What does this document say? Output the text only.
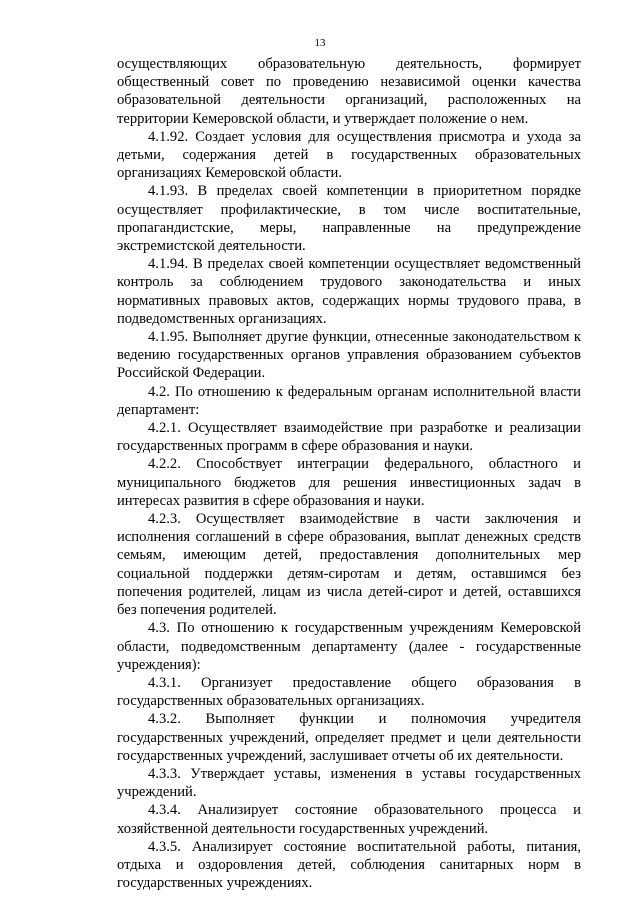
13

осуществляющих образовательную деятельность, формирует общественный совет по проведению независимой оценки качества образовательной деятельности организаций, расположенных на территории Кемеровской области, и утверждает положение о нем.

4.1.92. Создает условия для осуществления присмотра и ухода за детьми, содержания детей в государственных образовательных организациях Кемеровской области.

4.1.93. В пределах своей компетенции в приоритетном порядке осуществляет профилактические, в том числе воспитательные, пропагандистские, меры, направленные на предупреждение экстремистской деятельности.

4.1.94. В пределах своей компетенции осуществляет ведомственный контроль за соблюдением трудового законодательства и иных нормативных правовых актов, содержащих нормы трудового права, в подведомственных организациях.

4.1.95. Выполняет другие функции, отнесенные законодательством к ведению государственных органов управления образованием субъектов Российской Федерации.

4.2. По отношению к федеральным органам исполнительной власти департамент:

4.2.1. Осуществляет взаимодействие при разработке и реализации государственных программ в сфере образования и науки.

4.2.2. Способствует интеграции федерального, областного и муниципального бюджетов для решения инвестиционных задач в интересах развития в сфере образования и науки.

4.2.3. Осуществляет взаимодействие в части заключения и исполнения соглашений в сфере образования, выплат денежных средств семьям, имеющим детей, предоставления дополнительных мер социальной поддержки детям-сиротам и детям, оставшимся без попечения родителей, лицам из числа детей-сирот и детей, оставшихся без попечения родителей.

4.3. По отношению к государственным учреждениям Кемеровской области, подведомственным департаменту (далее - государственные учреждения):

4.3.1. Организует предоставление общего образования в государственных образовательных организациях.

4.3.2. Выполняет функции и полномочия учредителя государственных учреждений, определяет предмет и цели деятельности государственных учреждений, заслушивает отчеты об их деятельности.

4.3.3. Утверждает уставы, изменения в уставы государственных учреждений.

4.3.4. Анализирует состояние образовательного процесса и хозяйственной деятельности государственных учреждений.

4.3.5. Анализирует состояние воспитательной работы, питания, отдыха и оздоровления детей, соблюдения санитарных норм в государственных учреждениях.
